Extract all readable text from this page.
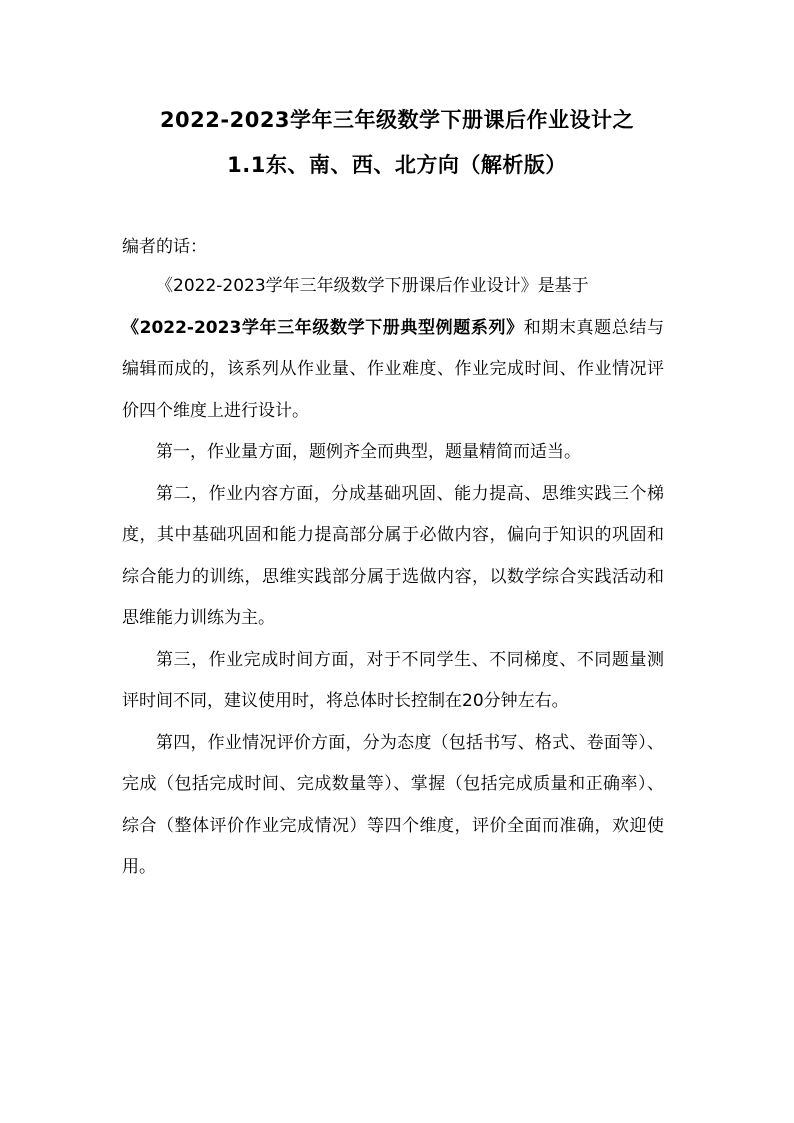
2022-2023学年三年级数学下册课后作业设计之
1.1东、南、西、北方向（解析版）
编者的话：

《2022-2023学年三年级数学下册课后作业设计》是基于

《2022-2023学年三年级数学下册典型例题系列》和期末真题总结与编辑而成的，该系列从作业量、作业难度、作业完成时间、作业情况评价四个维度上进行设计。

第一，作业量方面，题例齐全而典型，题量精简而适当。

第二，作业内容方面，分成基础巩固、能力提高、思维实践三个梯度，其中基础巩固和能力提高部分属于必做内容，偏向于知识的巩固和综合能力的训练，思维实践部分属于选做内容，以数学综合实践活动和思维能力训练为主。

第三，作业完成时间方面，对于不同学生、不同梯度、不同题量测评时间不同，建议使用时，将总体时长控制在20分钟左右。

第四，作业情况评价方面，分为态度（包括书写、格式、卷面等）、完成（包括完成时间、完成数量等）、掌握（包括完成质量和正确率）、综合（整体评价作业完成情况）等四个维度，评价全面而准确，欢迎使用。
